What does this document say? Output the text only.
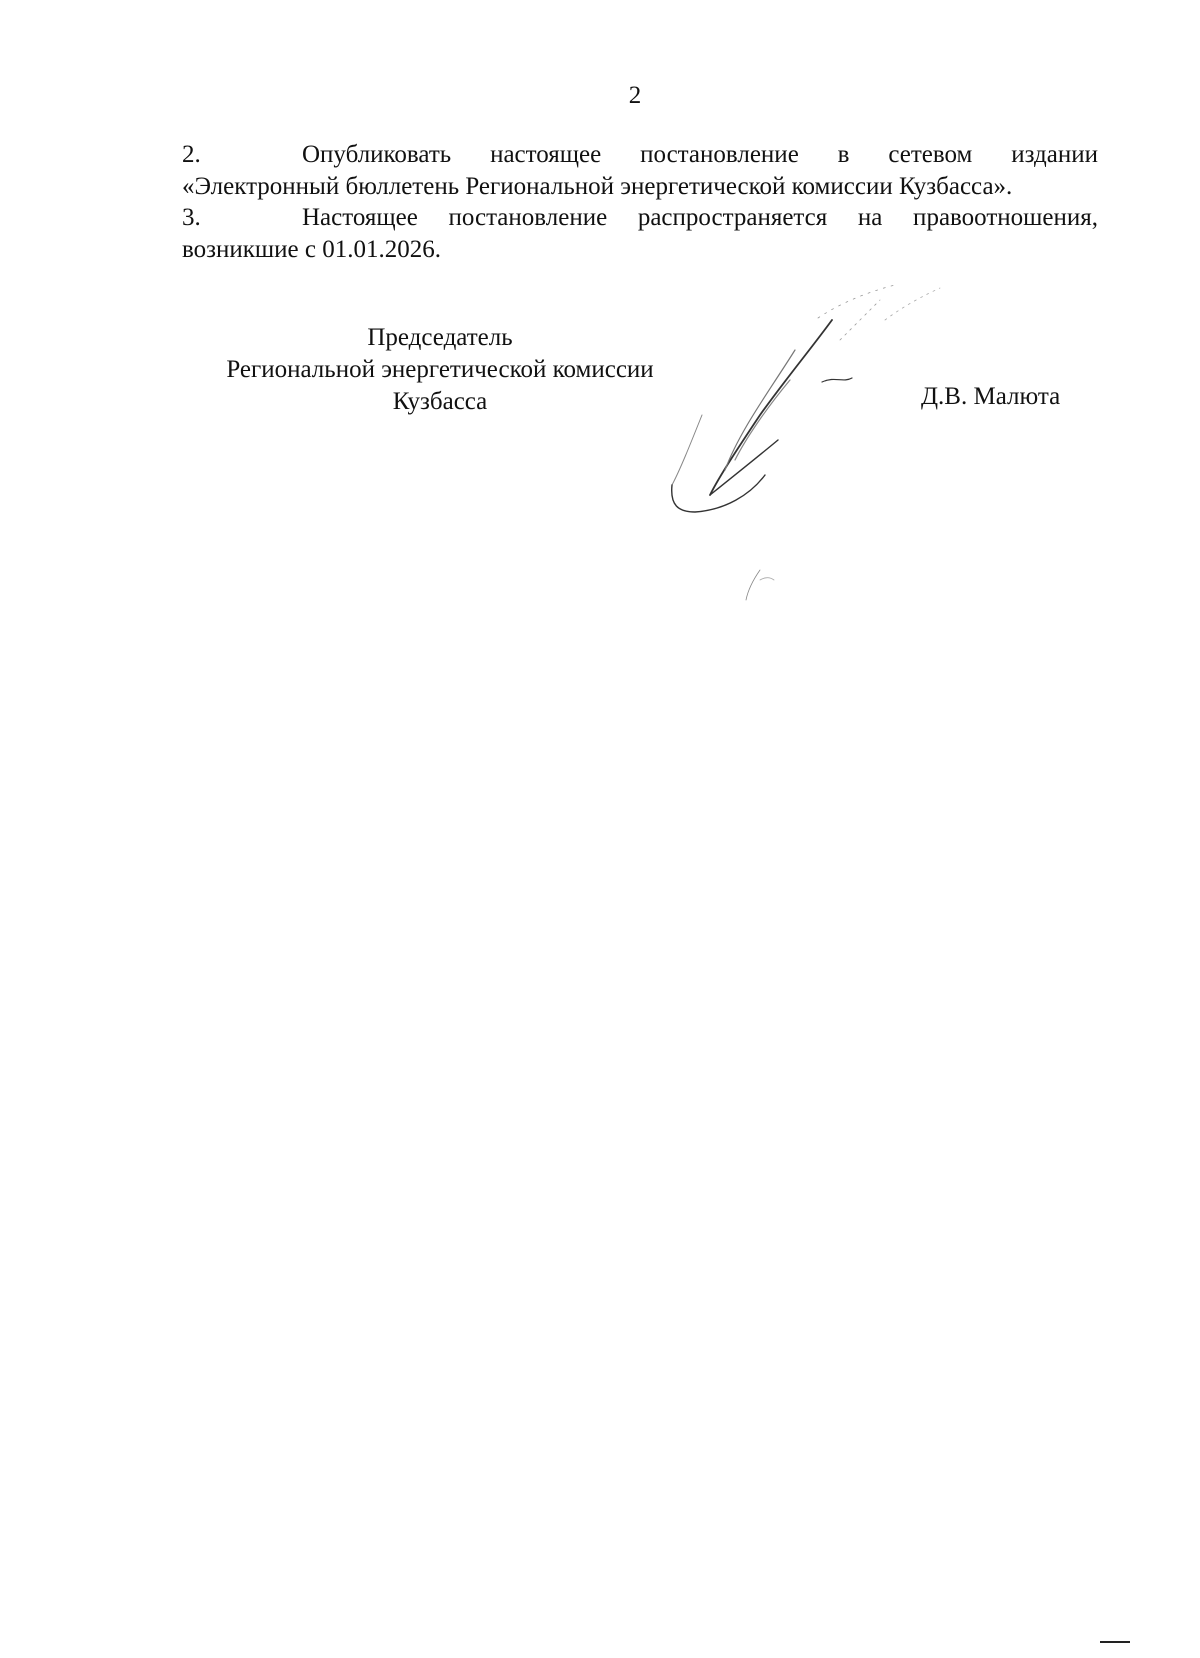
2
2.	Опубликовать настоящее постановление в сетевом издании
«Электронный бюллетень Региональной энергетической комиссии Кузбасса».
3.	Настоящее постановление распространяется на правоотношения,
возникшие с 01.01.2026.
Председатель
Региональной энергетической комиссии
Кузбасса	Д.В. Малюта
